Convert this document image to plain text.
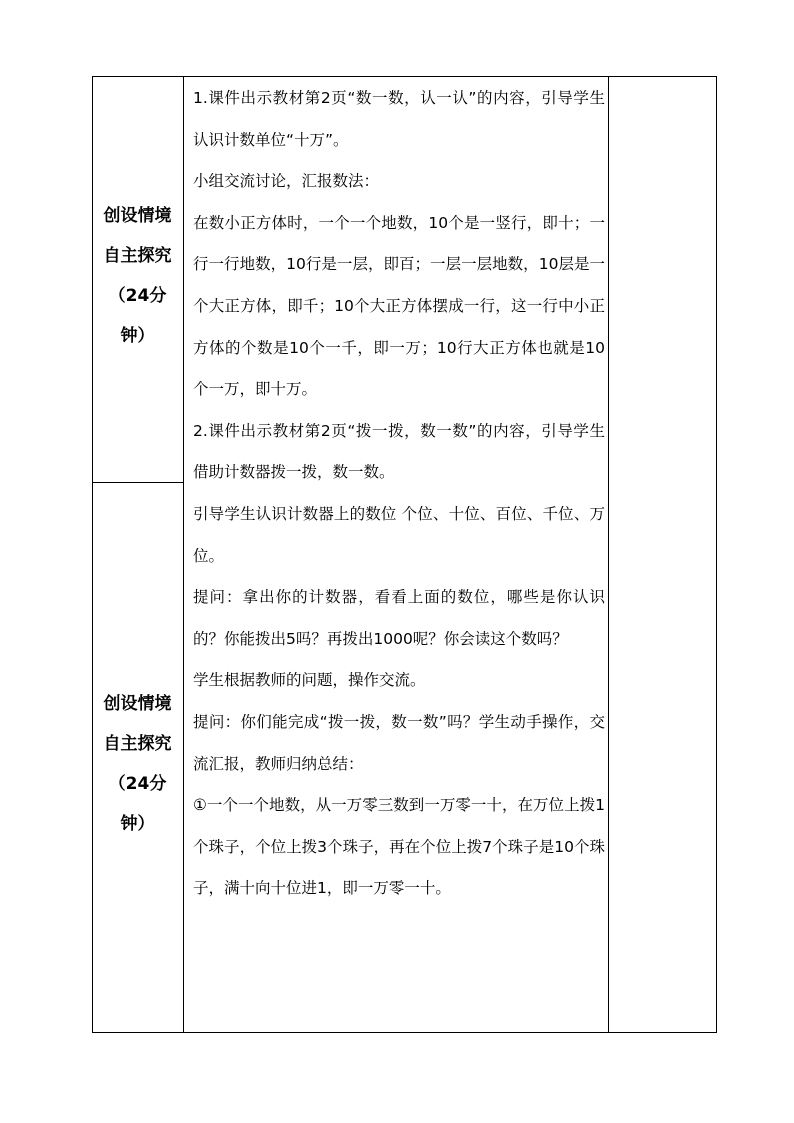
创设情境
自主探究
（24分
钟）
创设情境
自主探究
（24分
钟）

1.课件出示教材第2页“数一数，认一认”的内容，引导学生认识计数单位“十万”。

小组交流讨论，汇报数法：

在数小正方体时，一个一个地数，10个是一竖行，即十；一行一行地数，10行是一层，即百；一层一层地数，10层是一个大正方体，即千；10个大正方体摆成一行，这一行中小正方体的个数是10个一千，即一万；10行大正方体也就是10个一万，即十万。

2.课件出示教材第2页“拨一拨，数一数”的内容，引导学生借助计数器拨一拨，数一数。

引导学生认识计数器上的数位 个位、十位、百位、千位、万位。

提问：拿出你的计数器，看看上面的数位，哪些是你认识的？你能拨出5吗？再拨出1000呢？你会读这个数吗？

学生根据教师的问题，操作交流。

提问：你们能完成“拨一拨，数一数”吗？学生动手操作，交流汇报，教师归纳总结：

①一个一个地数，从一万零三数到一万零一十，在万位上拨1个珠子，个位上拨3个珠子，再在个位上拨7个珠子是10个珠子，满十向十位进1，即一万零一十。
